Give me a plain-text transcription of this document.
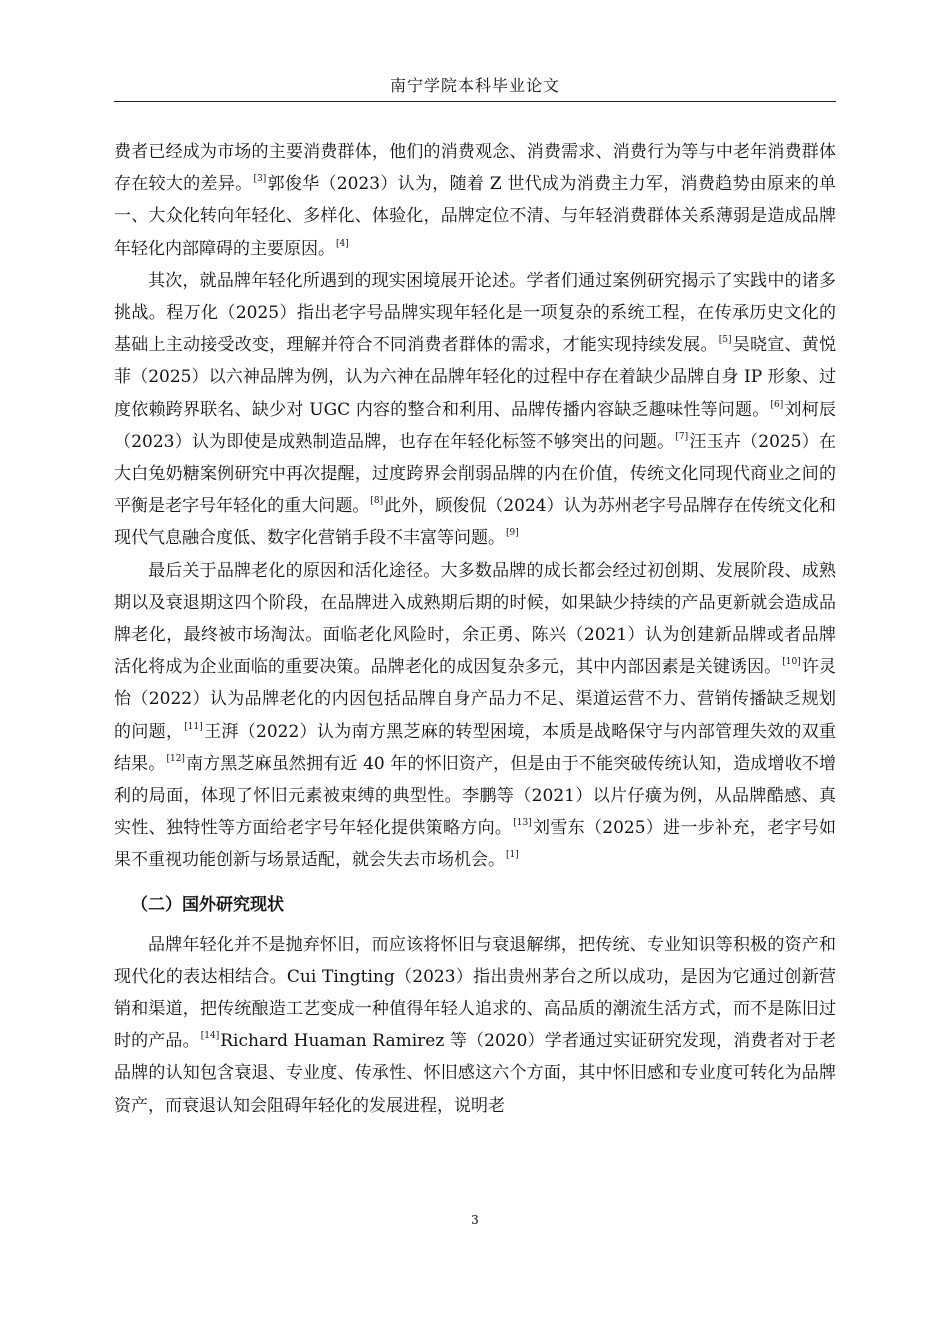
南宁学院本科毕业论文

费者已经成为市场的主要消费群体，他们的消费观念、消费需求、消费行为等与中老年消费群体存在较大的差异。[3]郭俊华（2023）认为，随着 Z 世代成为消费主力军，消费趋势由原来的单一、大众化转向年轻化、多样化、体验化，品牌定位不清、与年轻消费群体关系薄弱是造成品牌年轻化内部障碍的主要原因。[4]

其次，就品牌年轻化所遇到的现实困境展开论述。学者们通过案例研究揭示了实践中的诸多挑战。程万化（2025）指出老字号品牌实现年轻化是一项复杂的系统工程，在传承历史文化的基础上主动接受改变，理解并符合不同消费者群体的需求，才能实现持续发展。[5]吴晓宣、黄悦菲（2025）以六神品牌为例，认为六神在品牌年轻化的过程中存在着缺少品牌自身 IP 形象、过度依赖跨界联名、缺少对 UGC 内容的整合和利用、品牌传播内容缺乏趣味性等问题。[6]刘柯辰（2023）认为即使是成熟制造品牌，也存在年轻化标签不够突出的问题。[7]汪玉卉（2025）在大白兔奶糖案例研究中再次提醒，过度跨界会削弱品牌的内在价值，传统文化同现代商业之间的平衡是老字号年轻化的重大问题。[8]此外，顾俊侃（2024）认为苏州老字号品牌存在传统文化和现代气息融合度低、数字化营销手段不丰富等问题。[9]

最后关于品牌老化的原因和活化途径。大多数品牌的成长都会经过初创期、发展阶段、成熟期以及衰退期这四个阶段，在品牌进入成熟期后期的时候，如果缺少持续的产品更新就会造成品牌老化，最终被市场淘汰。面临老化风险时，余正勇、陈兴（2021）认为创建新品牌或者品牌活化将成为企业面临的重要决策。品牌老化的成因复杂多元，其中内部因素是关键诱因。[10]许灵怡（2022）认为品牌老化的内因包括品牌自身产品力不足、渠道运营不力、营销传播缺乏规划的问题，[11]王湃（2022）认为南方黑芝麻的转型困境，本质是战略保守与内部管理失效的双重结果。[12]南方黑芝麻虽然拥有近 40 年的怀旧资产，但是由于不能突破传统认知，造成增收不增利的局面，体现了怀旧元素被束缚的典型性。李鹏等（2021）以片仔癀为例，从品牌酷感、真实性、独特性等方面给老字号年轻化提供策略方向。[13]刘雪东（2025）进一步补充，老字号如果不重视功能创新与场景适配，就会失去市场机会。[1]

（二）国外研究现状

品牌年轻化并不是抛弃怀旧，而应该将怀旧与衰退解绑，把传统、专业知识等积极的资产和现代化的表达相结合。Cui Tingting（2023）指出贵州茅台之所以成功，是因为它通过创新营销和渠道，把传统酿造工艺变成一种值得年轻人追求的、高品质的潮流生活方式，而不是陈旧过时的产品。[14]Richard Huaman Ramirez 等（2020）学者通过实证研究发现，消费者对于老品牌的认知包含衰退、专业度、传承性、怀旧感这六个方面，其中怀旧感和专业度可转化为品牌资产，而衰退认知会阻碍年轻化的发展进程，说明老

3
